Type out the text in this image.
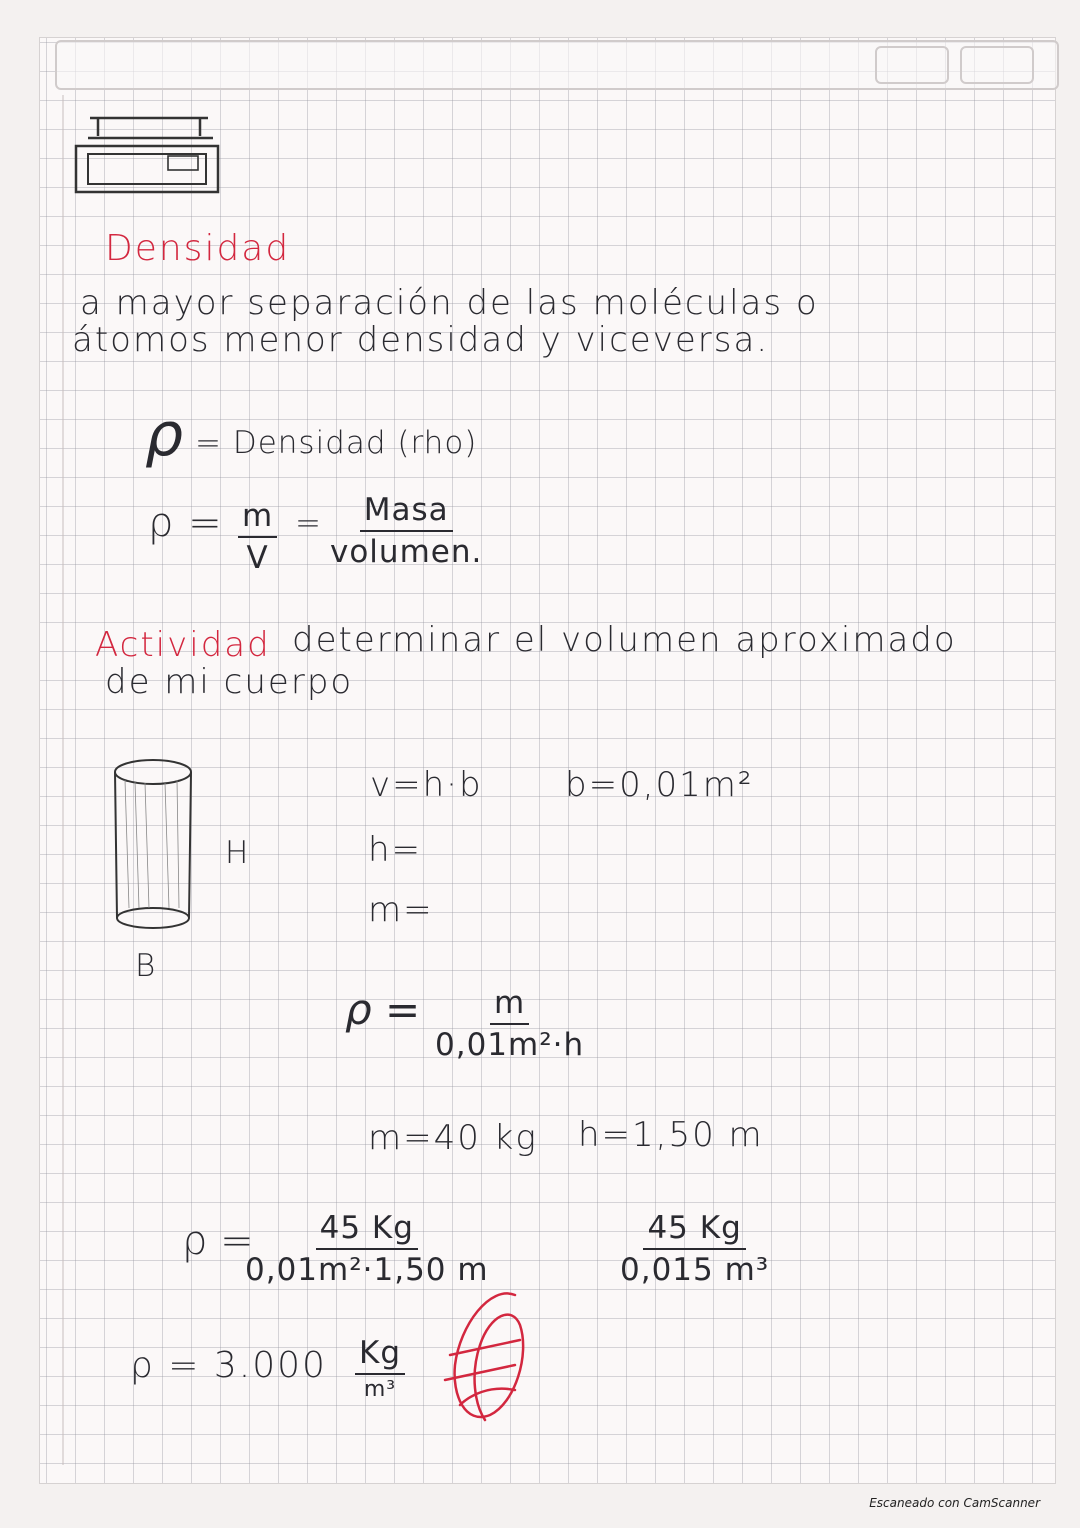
Densidad
a mayor separación de las moléculas o
átomos menor densidad y viceversa.
ρ = Densidad (rho)
$\rho = \frac{m}{V}$ = Masa
volumen.
Actividad determinar el volumen aproximado
de mi cuerpo
H
B
v=h·b b=0,01m²
h=
m=
$\rho = \frac{m}{\text{0,01m²·h}}$
m=40 kg h=1,50 m
ρ =
$\frac{45 Kg}{\text{0,01m²·1,50 m}}$	$\frac{45 Kg}{\text{0,015 m³}}$
ρ = 3.000 Kg
m³
Escaneado con CamScanner
